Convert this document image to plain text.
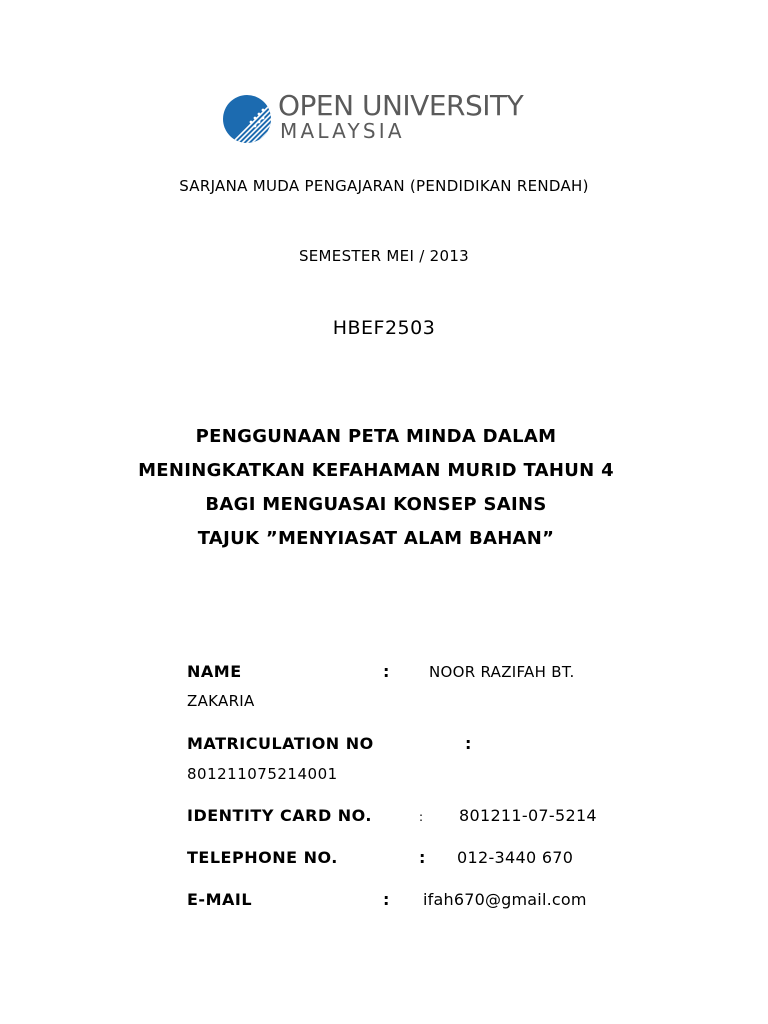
OPEN UNIVERSITY
MALAYSIA
SARJANA MUDA PENGAJARAN (PENDIDIKAN RENDAH)
SEMESTER MEI / 2013
HBEF2503
PENGGUNAAN PETA MINDA DALAM
MENINGKATKAN KEFAHAMAN MURID TAHUN 4
BAGI MENGUASAI KONSEP SAINS
TAJUK ”MENYIASAT ALAM BAHAN”
NAME	:	NOOR RAZIFAH BT.
ZAKARIA
MATRICULATION NO	:
801211075214001
IDENTITY CARD NO.	: 801211-07-5214
TELEPHONE NO.	: 012-3440 670
E-MAIL	: ifah670@gmail.com
